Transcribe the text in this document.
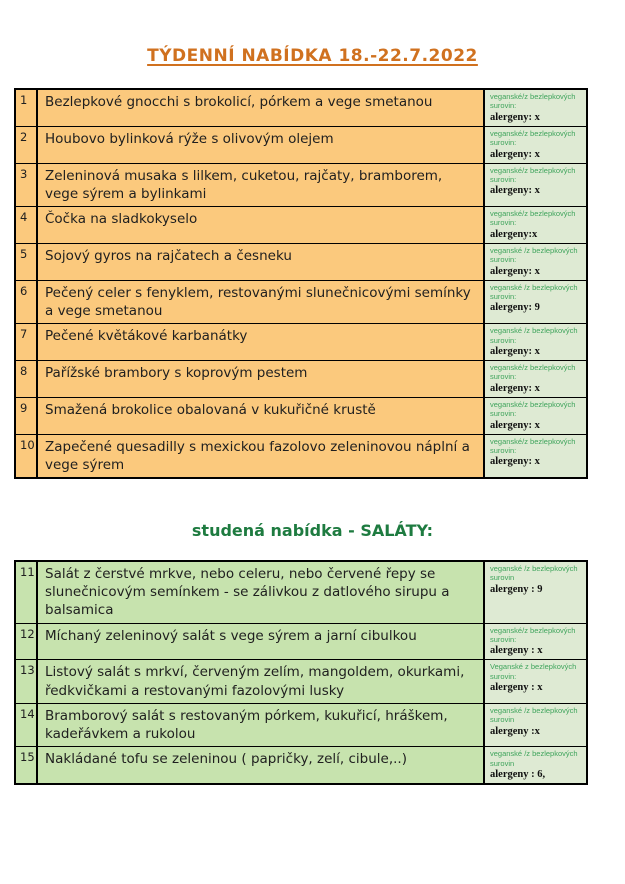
TÝDENNÍ NABÍDKA 18.-22.7.2022
1	Bezlepkové gnocchi s brokolicí, pórkem a vege smetanou	veganské/z bezlepkových surovin:
alergeny: x
2	Houbovo bylinková rýže s olivovým olejem	veganské/z bezlepkových surovin:
alergeny: x
3	Zeleninová musaka s lilkem, cuketou, rajčaty, bramborem, vege sýrem a bylinkami
veganské/z bezlepkových surovin:
alergeny: x
4	Čočka na sladkokyselo	veganské/z bezlepkových surovin:
alergeny:x
5	Sojový gyros na rajčatech a česneku	veganské /z bezlepkových surovin:
alergeny: x
6	Pečený celer s fenyklem, restovanými slunečnicovými semínky a vege smetanou
veganské /z bezlepkových surovin:
alergeny: 9
7	Pečené květákové karbanátky	veganské /z bezlepkových surovin:
alergeny: x
8	Pařížské brambory s koprovým pestem	veganské/z bezlepkových surovin:
alergeny: x
9	Smažená brokolice obalovaná v kukuřičné krustě	veganské/z bezlepkových surovin:
alergeny: x
10 Zapečené quesadilly s mexickou fazolovo zeleninovou náplní a vege sýrem
veganské/z bezlepkových surovin:
alergeny: x
studená nabídka - SALÁTY:
11 Salát z čerstvé mrkve, nebo celeru, nebo červené řepy se slunečnicovým semínkem - se zálivkou z datlového sirupu a balsamica
veganské /z bezlepkových surovin
alergeny : 9
12 Míchaný zeleninový salát s vege sýrem a jarní cibulkou	veganské/z bezlepkových surovin:
alergeny : x
13 Listový salát s mrkví, červeným zelím, mangoldem, okurkami, ředkvičkami a restovanými fazolovými lusky
Veganské z bezlepkových surovin:
alergeny : x
14 Bramborový salát s restovaným pórkem, kukuřicí, hráškem, kadeřávkem a rukolou
veganské /z bezlepkových surovin
alergeny :x
15 Nakládané tofu se zeleninou ( papričky, zelí, cibule,..)	veganské /z bezlepkových surovin
alergeny : 6,
